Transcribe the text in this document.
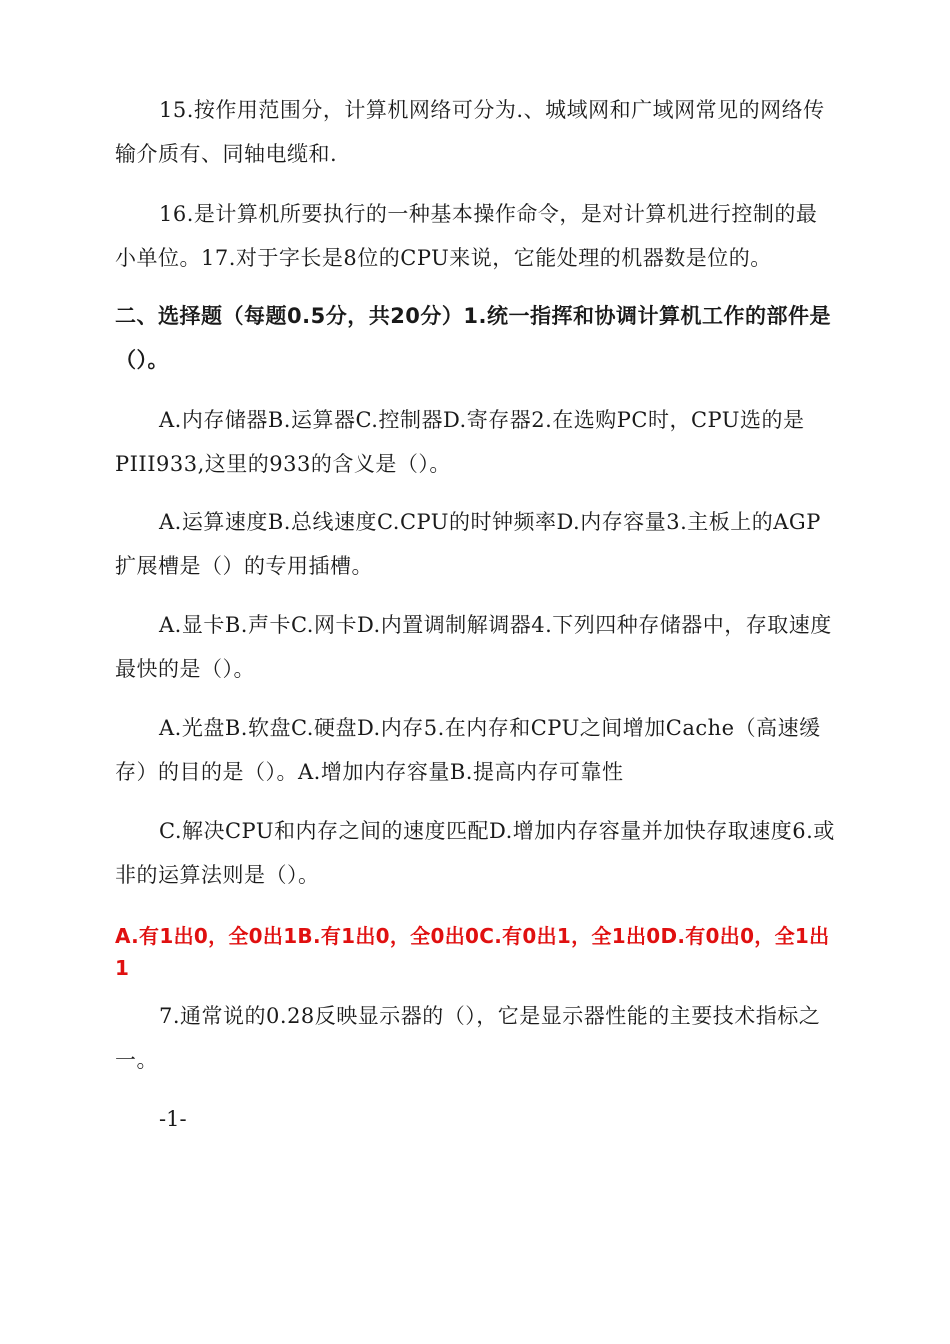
15.按作用范围分，计算机网络可分为.、城域网和广域网常见的网络传输介质有、同轴电缆和.

16.是计算机所要执行的一种基本操作命令，是对计算机进行控制的最小单位。17.对于字长是8位的CPU来说，它能处理的机器数是位的。

二、选择题（每题0.5分，共20分）1.统一指挥和协调计算机工作的部件是（）。

A.内存储器B.运算器C.控制器D.寄存器2.在选购PC时，CPU选的是PIII933,这里的933的含义是（）。

A.运算速度B.总线速度C.CPU的时钟频率D.内存容量3.主板上的AGP扩展槽是（）的专用插槽。

A.显卡B.声卡C.网卡D.内置调制解调器4.下列四种存储器中，存取速度最快的是（）。

A.光盘B.软盘C.硬盘D.内存5.在内存和CPU之间增加Cache（高速缓存）的目的是（）。A.增加内存容量B.提高内存可靠性

C.解决CPU和内存之间的速度匹配D.增加内存容量并加快存取速度6.或非的运算法则是（）。

A.有1出0，全0出1B.有1出0，全0出0C.有0出1，全1出0D.有0出0，全1出1

7.通常说的0.28反映显示器的（），它是显示器性能的主要技术指标之一。

-1-
